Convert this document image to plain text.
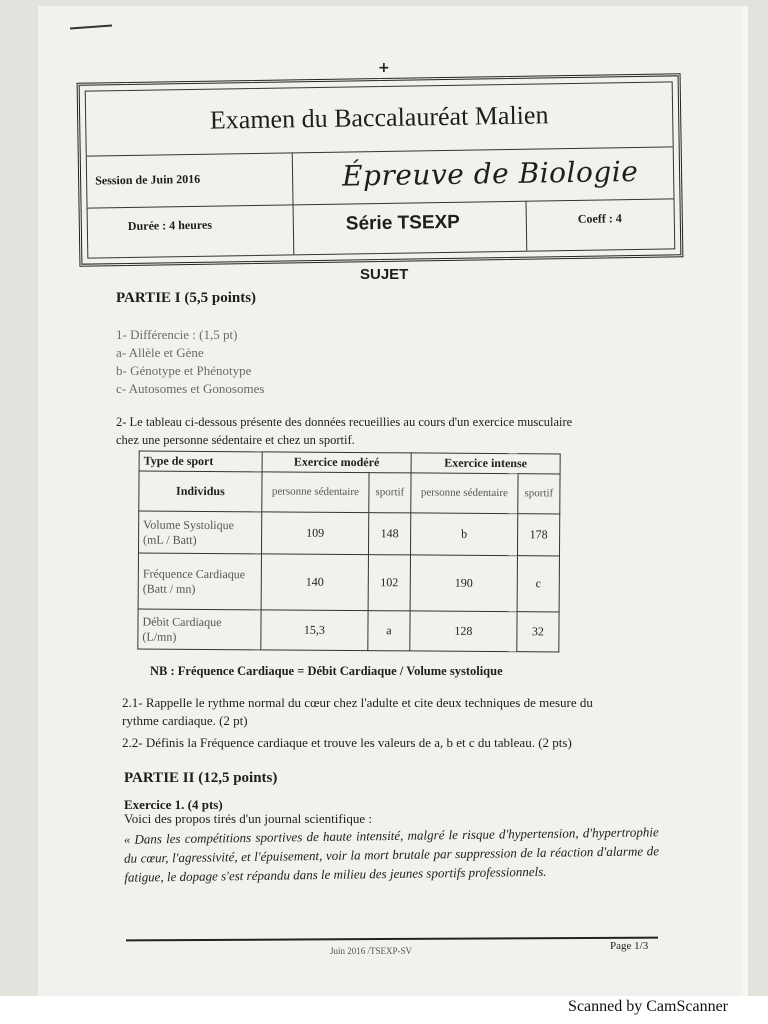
+
Examen du Baccalauréat Malien
Session de Juin 2016	Épreuve de Biologie
Durée : 4 heures	Série TSEXP	Coeff : 4
SUJET
PARTIE I (5,5 points)
1- Différencie : (1,5 pt)
a- Allèle et Gène
b- Génotype et Phénotype
c- Autosomes et Gonosomes
2- Le tableau ci-dessous présente des données recueillies au cours d'un exercice musculaire
chez une personne sédentaire et chez un sportif.
Type de sport	Exercice modéré		Exercice intense	
Individus	personne sédentaire	sportif	personne sédentaire	sportif
Volume Systolique (mL / Batt)	109	148	b	178
Fréquence Cardiaque (Batt / mn)	140	102	190	c
Débit Cardiaque (L/mn)	15,3	a	128	32
NB : Fréquence Cardiaque = Débit Cardiaque / Volume systolique
2.1- Rappelle le rythme normal du cœur chez l'adulte et cite deux techniques de mesure du
rythme cardiaque. (2 pt)
2.2- Définis la Fréquence cardiaque et trouve les valeurs de a, b et c du tableau. (2 pts)
PARTIE II (12,5 points)
Exercice 1. (4 pts)
Voici des propos tirés d'un journal scientifique :
« Dans les compétitions sportives de haute intensité, malgré le risque d'hypertension, d'hypertrophie du cœur, l'agressivité, et l'épuisement, voir la mort brutale par suppression de la réaction d'alarme de fatigue, le dopage s'est répandu dans le milieu des jeunes sportifs professionnels.
Juin 2016 /TSEXP-SV	Page 1/3
Scanned by CamScanner
